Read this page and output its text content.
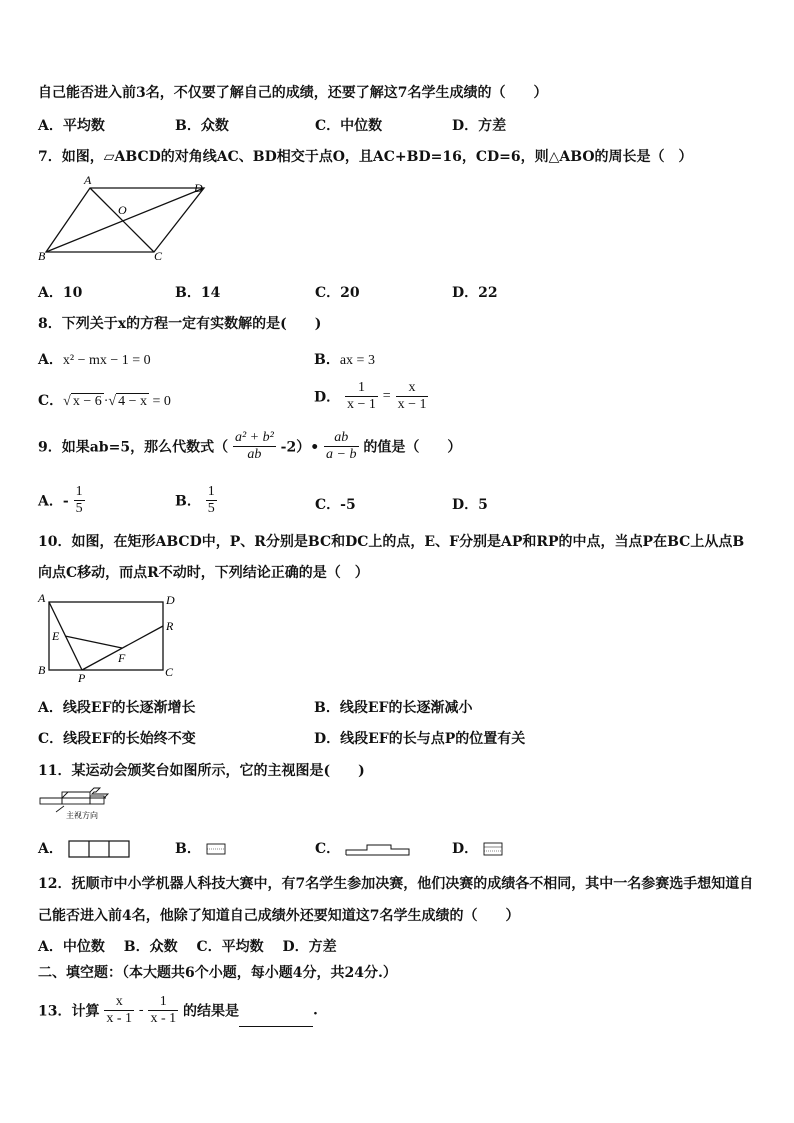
自己能否进入前3名，不仅要了解自己的成绩，还要了解这7名学生成绩的（　　）
A．平均数	B．众数	C．中位数	D．方差
7．如图，▱ABCD的对角线AC、BD相交于点O，且AC+BD=16，CD=6，则△ABO的周长是（　）
A
D
O
B	C
A．10	B．14	C．20	D．22
8．下列关于x的方程一定有实数解的是(　　)
A．x² − mx − 1 = 0	B．ax = 3
C．√ x − 6 ·√ 4 − x = 0	D． $\frac{1}{x - 1} = \frac{x}{x - 1}$
9．如果ab=5，那么代数式（ $\frac{\text{a² + b²}}{ab}$ -2）• $\frac{ab}{a - b}$ 的值是（　　）
A．- $\frac{1}{5}$	B． $\frac{1}{5}$	C．-5	D．5
10．如图，在矩形ABCD中，P、R分别是BC和DC上的点，E、F分别是AP和RP的中点，当点P在BC上从点B
向点C移动，而点R不动时，下列结论正确的是（　）
A	D
R
E
F
B
P	C
A．线段EF的长逐渐增长	B．线段EF的长逐渐减小
C．线段EF的长始终不变	D．线段EF的长与点P的位置有关
11．某运动会颁奖台如图所示，它的主视图是(　　)
主视方向
A．	B．	C．	D．
12．抚顺市中小学机器人科技大赛中，有7名学生参加决赛，他们决赛的成绩各不相同，其中一名参赛选手想知道自
己能否进入前4名，他除了知道自己成绩外还要知道这7名学生成绩的（　　）
A．中位数　 B．众数　 C．平均数　 D．方差
二、填空题：（本大题共6个小题，每小题4分，共24分.）
13．计算 $\frac{x}{x - 1} - \frac{1}{x - 1}$ 的结果是	.
